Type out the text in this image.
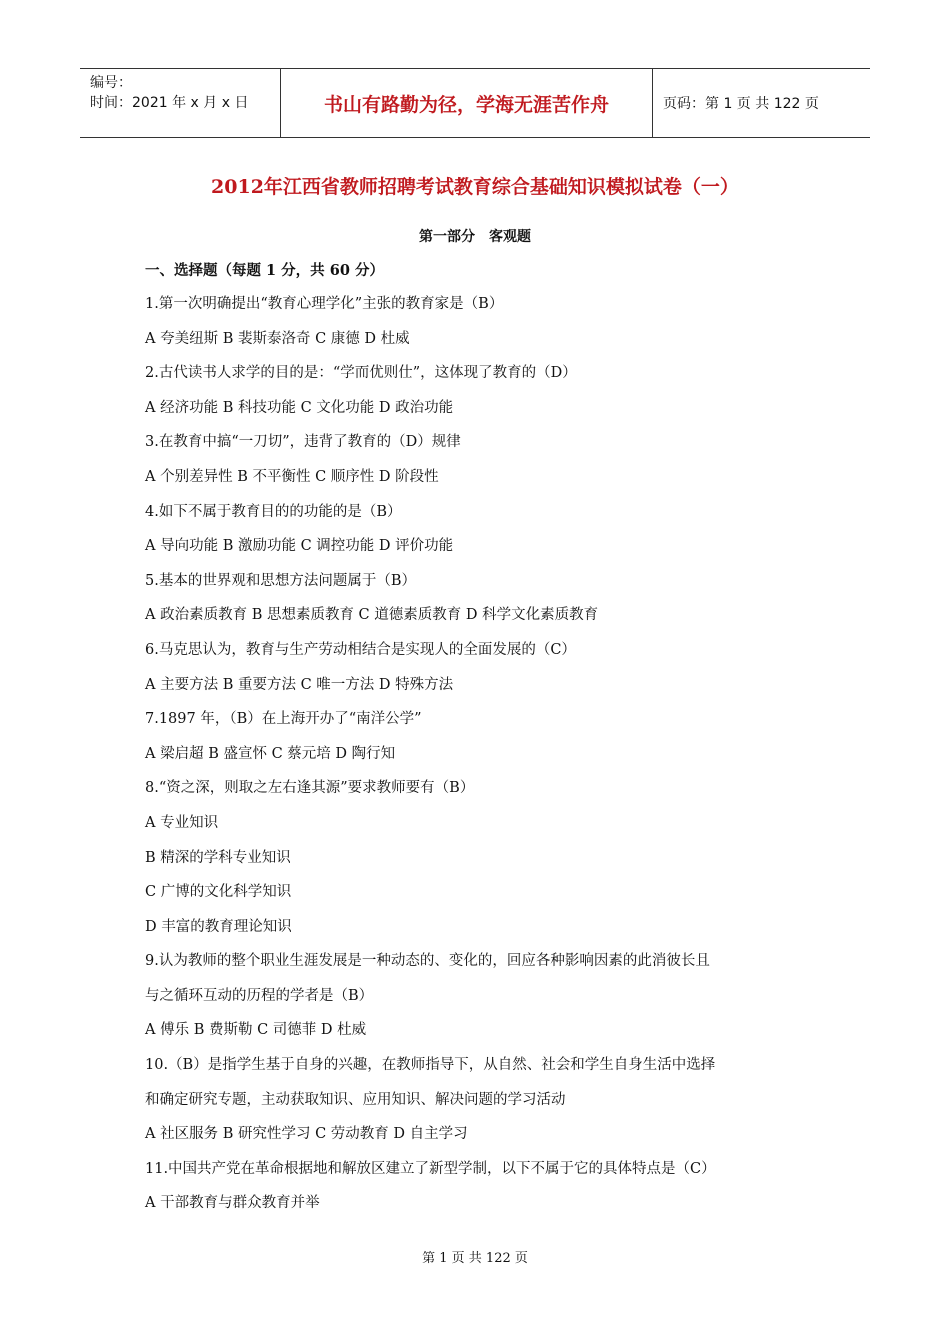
编号：
时间：2021 年 x 月 x 日	书山有路勤为径，学海无涯苦作舟	页码：第 1 页 共 122 页
2012年江西省教师招聘考试教育综合基础知识模拟试卷（一）
第一部分　客观题
一、选择题（每题 1 分，共 60 分）
1.第一次明确提出“教育心理学化”主张的教育家是（B）
A 夸美纽斯 B 裴斯泰洛奇 C 康德 D 杜威
2.古代读书人求学的目的是：“学而优则仕”，这体现了教育的（D）
A 经济功能 B 科技功能 C 文化功能 D 政治功能
3.在教育中搞“一刀切”，违背了教育的（D）规律
A 个别差异性 B 不平衡性 C 顺序性 D 阶段性
4.如下不属于教育目的的功能的是（B）
A 导向功能 B 激励功能 C 调控功能 D 评价功能
5.基本的世界观和思想方法问题属于（B）
A 政治素质教育 B 思想素质教育 C 道德素质教育 D 科学文化素质教育
6.马克思认为，教育与生产劳动相结合是实现人的全面发展的（C）
A 主要方法 B 重要方法 C 唯一方法 D 特殊方法
7.1897 年，（B）在上海开办了“南洋公学”
A 梁启超 B 盛宣怀 C 蔡元培 D 陶行知
8.“资之深，则取之左右逢其源”要求教师要有（B）
A 专业知识
B 精深的学科专业知识
C 广博的文化科学知识
D 丰富的教育理论知识
9.认为教师的整个职业生涯发展是一种动态的、变化的，回应各种影响因素的此消彼长且
与之循环互动的历程的学者是（B）
A 傅乐 B 费斯勒 C 司德菲 D 杜威
10.（B）是指学生基于自身的兴趣，在教师指导下，从自然、社会和学生自身生活中选择
和确定研究专题，主动获取知识、应用知识、解决问题的学习活动
A 社区服务 B 研究性学习 C 劳动教育 D 自主学习
11.中国共产党在革命根据地和解放区建立了新型学制，以下不属于它的具体特点是（C）
A 干部教育与群众教育并举
第 1 页 共 122 页
